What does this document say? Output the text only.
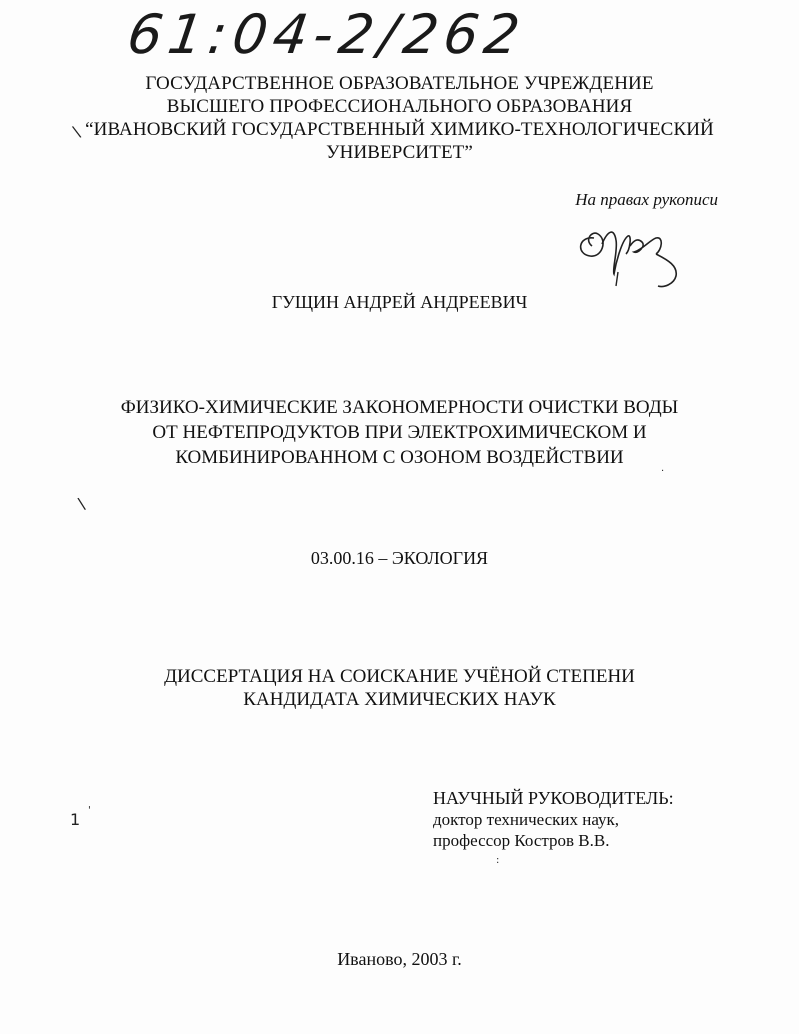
61:04-2/262
ГОСУДАРСТВЕННОЕ ОБРАЗОВАТЕЛЬНОЕ УЧРЕЖДЕНИЕ
ВЫСШЕГО ПРОФЕССИОНАЛЬНОГО ОБРАЗОВАНИЯ
“ИВАНОВСКИЙ ГОСУДАРСТВЕННЫЙ ХИМИКО-ТЕХНОЛОГИЧЕСКИЙ
УНИВЕРСИТЕТ”
На правах рукописи
ГУЩИН АНДРЕЙ АНДРЕЕВИЧ
ФИЗИКО-ХИМИЧЕСКИЕ ЗАКОНОМЕРНОСТИ ОЧИСТКИ ВОДЫ
ОТ НЕФТЕПРОДУКТОВ ПРИ ЭЛЕКТРОХИМИЧЕСКОМ И
КОМБИНИРОВАННОМ С ОЗОНОМ ВОЗДЕЙСТВИИ
03.00.16 – ЭКОЛОГИЯ
ДИССЕРТАЦИЯ НА СОИСКАНИЕ УЧЁНОЙ СТЕПЕНИ
КАНДИДАТА ХИМИЧЕСКИХ НАУК
НАУЧНЫЙ РУКОВОДИТЕЛЬ:
доктор технических наук,
профессор Костров В.В.
Иваново, 2003 г.
\
\
1 '
.
:
